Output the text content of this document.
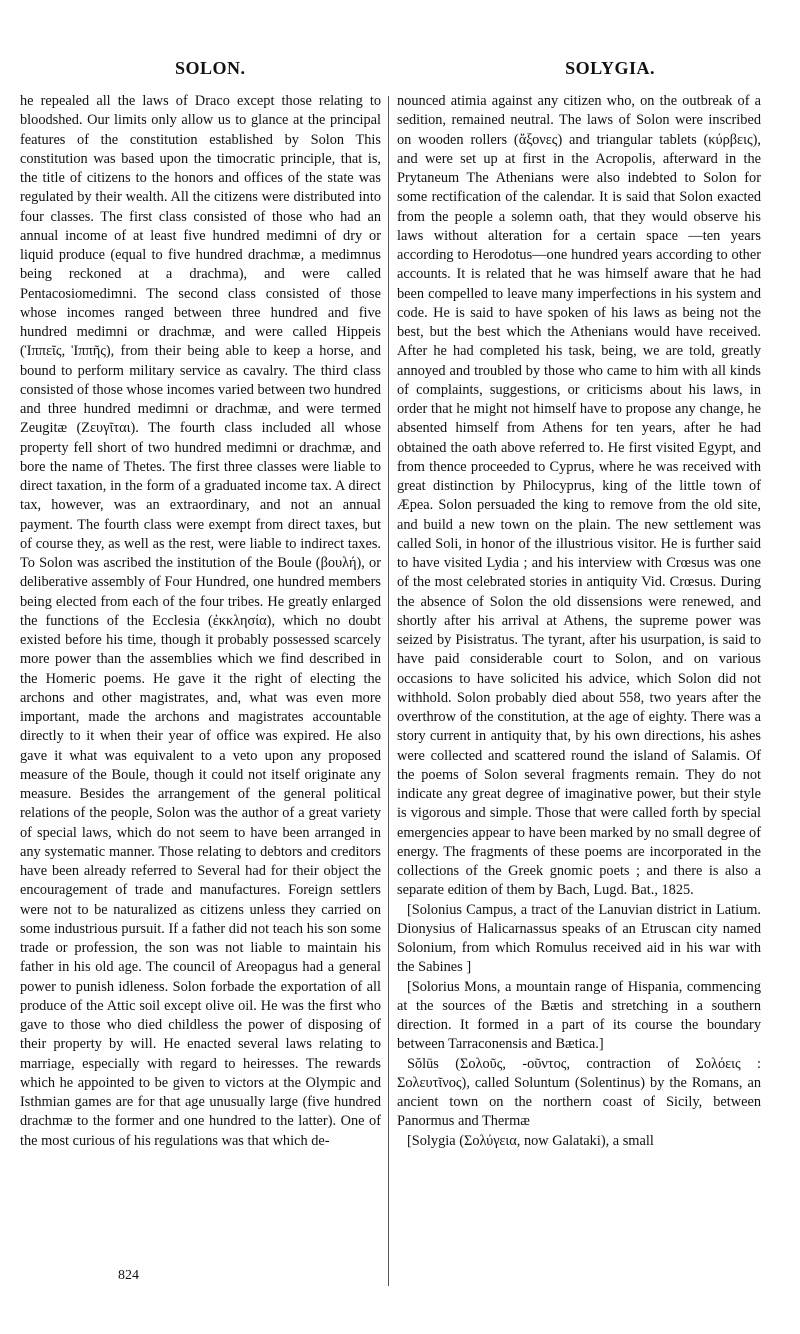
SOLON.	SOLYGIA.

he repealed all the laws of Draco except those relating to bloodshed. Our limits only allow us to glance at the principal features of the constitution established by Solon This constitution was based upon the timocratic principle, that is, the title of citizens to the honors and offices of the state was regulated by their wealth. All the citizens were distributed into four classes. The first class consisted of those who had an annual income of at least five hundred medimni of dry or liquid produce (equal to five hundred drachmæ, a medimnus being reckoned at a drachma), and were called Pentacosiomedimni. The second class consisted of those whose incomes ranged between three hundred and five hundred medimni or drachmæ, and were called Hippeis (Ἱππεῖς, Ἱππῆς), from their being able to keep a horse, and bound to perform military service as cavalry. The third class consisted of those whose incomes varied between two hundred and three hundred medimni or drachmæ, and were termed Zeugitæ (Ζευγῖται). The fourth class included all whose property fell short of two hundred medimni or drachmæ, and bore the name of Thetes. The first three classes were liable to direct taxation, in the form of a graduated income tax. A direct tax, however, was an extraordinary, and not an annual payment. The fourth class were exempt from direct taxes, but of course they, as well as the rest, were liable to indirect taxes. To Solon was ascribed the institution of the Boule (βουλή), or deliberative assembly of Four Hundred, one hundred members being elected from each of the four tribes. He greatly enlarged the functions of the Ecclesia (ἐκκλησία), which no doubt existed before his time, though it probably possessed scarcely more power than the assemblies which we find described in the Homeric poems. He gave it the right of electing the archons and other magistrates, and, what was even more important, made the archons and magistrates accountable directly to it when their year of office was expired. He also gave it what was equivalent to a veto upon any proposed measure of the Boule, though it could not itself originate any measure. Besides the arrangement of the general political relations of the people, Solon was the author of a great variety of special laws, which do not seem to have been arranged in any systematic manner. Those relating to debtors and creditors have been already referred to Several had for their object the encouragement of trade and manufactures. Foreign settlers were not to be naturalized as citizens unless they carried on some industrious pursuit. If a father did not teach his son some trade or profession, the son was not liable to maintain his father in his old age. The council of Areopagus had a general power to punish idleness. Solon forbade the exportation of all produce of the Attic soil except olive oil. He was the first who gave to those who died childless the power of disposing of their property by will. He enacted several laws relating to marriage, especially with regard to heiresses. The rewards which he appointed to be given to victors at the Olympic and Isthmian games are for that age unusually large (five hundred drachmæ to the former and one hundred to the latter). One of the most curious of his regulations was that which de-

nounced atimia against any citizen who, on the outbreak of a sedition, remained neutral. The laws of Solon were inscribed on wooden rollers (ἄξονες) and triangular tablets (κύρβεις), and were set up at first in the Acropolis, afterward in the Prytaneum The Athenians were also indebted to Solon for some rectification of the calendar. It is said that Solon exacted from the people a solemn oath, that they would observe his laws without alteration for a certain space —ten years according to Herodotus—one hundred years according to other accounts. It is related that he was himself aware that he had been compelled to leave many imperfections in his system and code. He is said to have spoken of his laws as being not the best, but the best which the Athenians would have received. After he had completed his task, being, we are told, greatly annoyed and troubled by those who came to him with all kinds of complaints, suggestions, or criticisms about his laws, in order that he might not himself have to propose any change, he absented himself from Athens for ten years, after he had obtained the oath above referred to. He first visited Egypt, and from thence proceeded to Cyprus, where he was received with great distinction by Philocyprus, king of the little town of Æpea. Solon persuaded the king to remove from the old site, and build a new town on the plain. The new settlement was called Soli, in honor of the illustrious visitor. He is further said to have visited Lydia ; and his interview with Crœsus was one of the most celebrated stories in antiquity Vid. Crœsus. During the absence of Solon the old dissensions were renewed, and shortly after his arrival at Athens, the supreme power was seized by Pisistratus. The tyrant, after his usurpation, is said to have paid considerable court to Solon, and on various occasions to have solicited his advice, which Solon did not withhold. Solon probably died about 558, two years after the overthrow of the constitution, at the age of eighty. There was a story current in antiquity that, by his own directions, his ashes were collected and scattered round the island of Salamis. Of the poems of Solon several fragments remain. They do not indicate any great degree of imaginative power, but their style is vigorous and simple. Those that were called forth by special emergencies appear to have been marked by no small degree of energy. The fragments of these poems are incorporated in the collections of the Greek gnomic poets ; and there is also a separate edition of them by Bach, Lugd. Bat., 1825.

[Solonius Campus, a tract of the Lanuvian district in Latium. Dionysius of Halicarnassus speaks of an Etruscan city named Solonium, from which Romulus received aid in his war with the Sabines ]

[Solorius Mons, a mountain range of Hispania, commencing at the sources of the Bætis and stretching in a southern direction. It formed in a part of its course the boundary between Tarraconensis and Bætica.]

Sŏlūs (Σολοῦς, -οῦντος, contraction of Σολόεις : Σολευτῖνος), called Soluntum (Solentinus) by the Romans, an ancient town on the northern coast of Sicily, between Panormus and Thermæ

[Solygia (Σολύγεια, now Galataki), a small

824
